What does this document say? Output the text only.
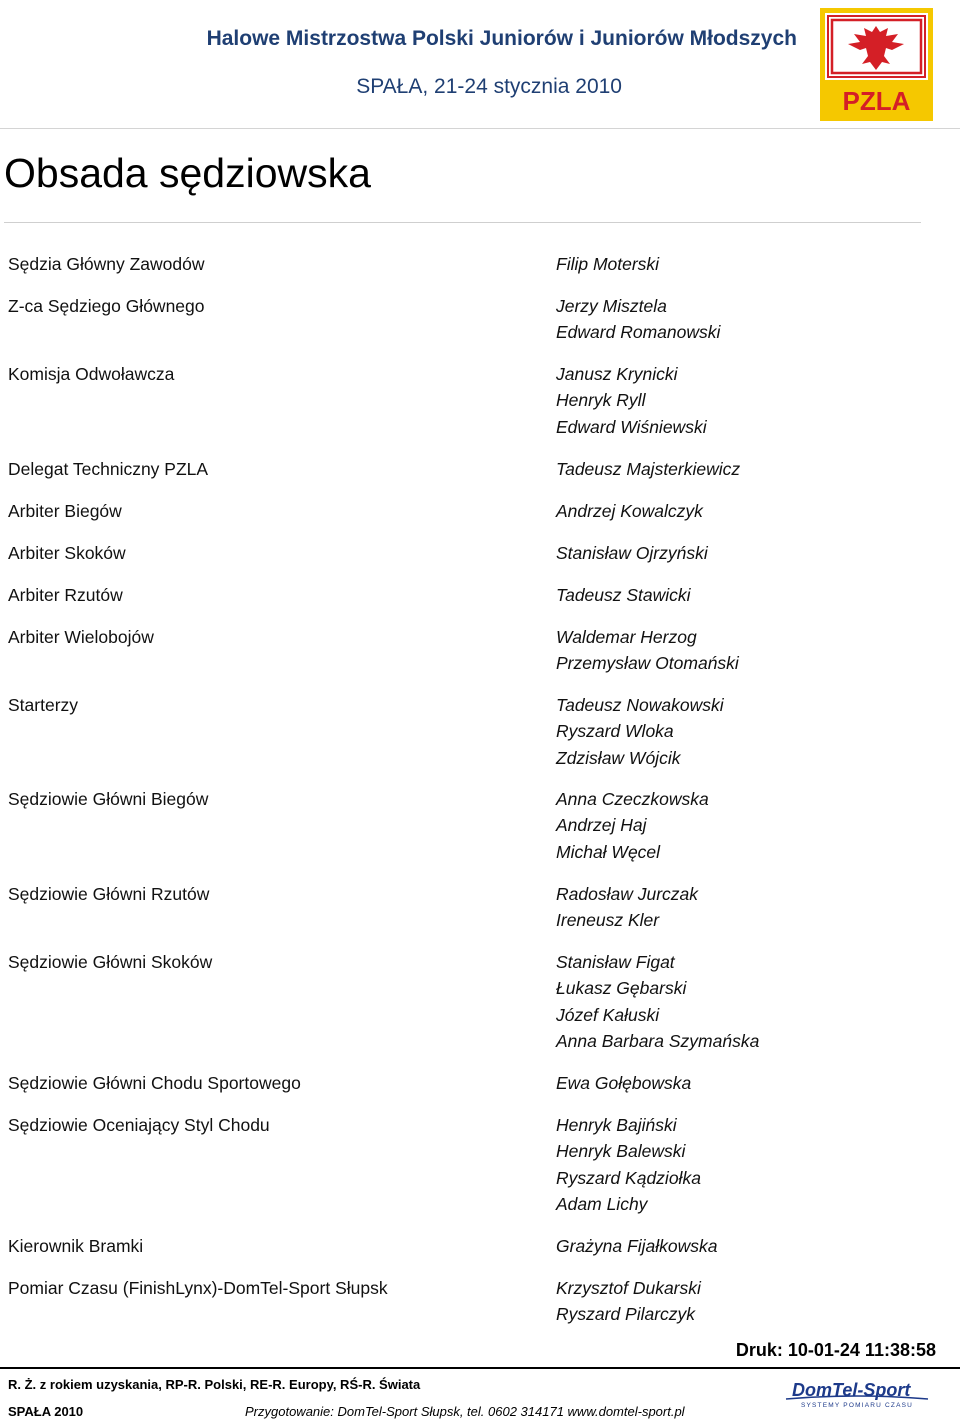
Halowe Mistrzostwa Polski Juniorów i Juniorów Młodszych
SPAŁA, 21-24 stycznia 2010	PZLA
Obsada sędziowska
Sędzia Główny Zawodów	Filip Moterski
Z-ca Sędziego Głównego	Jerzy Misztela
Edward Romanowski
Komisja Odwoławcza	Janusz Krynicki
Henryk Ryll
Edward Wiśniewski
Delegat Techniczny PZLA	Tadeusz Majsterkiewicz
Arbiter Biegów	Andrzej Kowalczyk
Arbiter Skoków	Stanisław Ojrzyński
Arbiter Rzutów	Tadeusz Stawicki
Arbiter Wielobojów	Waldemar Herzog
Przemysław Otomański
Starterzy	Tadeusz Nowakowski
Ryszard Wloka
Zdzisław Wójcik
Sędziowie Główni Biegów	Anna Czeczkowska
Andrzej Haj
Michał Węcel
Sędziowie Główni Rzutów	Radosław Jurczak
Ireneusz Kler
Sędziowie Główni Skoków	Stanisław Figat
Łukasz Gębarski
Józef Kałuski
Anna Barbara Szymańska
Sędziowie Główni Chodu Sportowego	Ewa Gołębowska
Sędziowie Oceniający Styl Chodu	Henryk Bajiński
Henryk Balewski
Ryszard Kądziołka
Adam Lichy
Kierownik Bramki	Grażyna Fijałkowska
Pomiar Czasu (FinishLynx)-DomTel-Sport Słupsk	Krzysztof Dukarski
Ryszard Pilarczyk
Druk: 10-01-24 11:38:58
R. Ż. z rokiem uzyskania, RP-R. Polski, RE-R. Europy, RŚ-R. Świata
SPAŁA 2010	Przygotowanie: DomTel-Sport Słupsk, tel. 0602 314171 www.domtel-sport.pl
DomTel-Sport
SYSTEMY POMIARU CZASU
